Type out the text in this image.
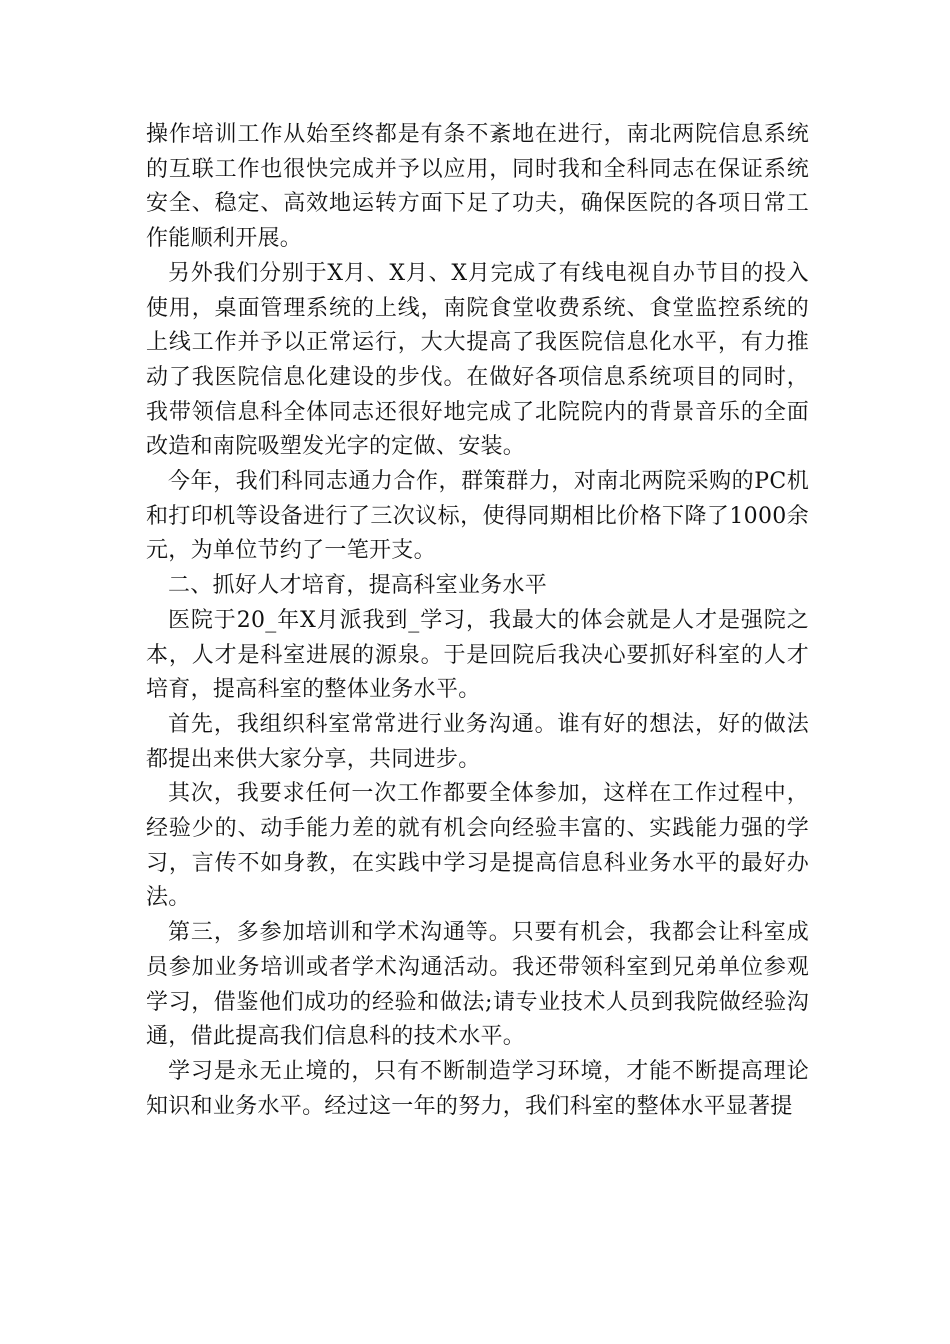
操作培训工作从始至终都是有条不紊地在进行，南北两院信息系统的互联工作也很快完成并予以应用，同时我和全科同志在保证系统安全、稳定、高效地运转方面下足了功夫，确保医院的各项日常工作能顺利开展。

另外我们分别于X月、X月、X月完成了有线电视自办节目的投入使用，桌面管理系统的上线，南院食堂收费系统、食堂监控系统的上线工作并予以正常运行，大大提高了我医院信息化水平，有力推动了我医院信息化建设的步伐。在做好各项信息系统项目的同时，我带领信息科全体同志还很好地完成了北院院内的背景音乐的全面改造和南院吸塑发光字的定做、安装。

今年，我们科同志通力合作，群策群力，对南北两院采购的PC机和打印机等设备进行了三次议标，使得同期相比价格下降了1000余元，为单位节约了一笔开支。

二、抓好人才培育，提高科室业务水平

医院于20_年X月派我到_学习，我最大的体会就是人才是强院之本，人才是科室进展的源泉。于是回院后我决心要抓好科室的人才培育，提高科室的整体业务水平。

首先，我组织科室常常进行业务沟通。谁有好的想法，好的做法都提出来供大家分享，共同进步。

其次，我要求任何一次工作都要全体参加，这样在工作过程中，经验少的、动手能力差的就有机会向经验丰富的、实践能力强的学习，言传不如身教，在实践中学习是提高信息科业务水平的最好办法。

第三，多参加培训和学术沟通等。只要有机会，我都会让科室成员参加业务培训或者学术沟通活动。我还带领科室到兄弟单位参观学习，借鉴他们成功的经验和做法;请专业技术人员到我院做经验沟通，借此提高我们信息科的技术水平。

学习是永无止境的，只有不断制造学习环境，才能不断提高理论知识和业务水平。经过这一年的努力，我们科室的整体水平显著提
